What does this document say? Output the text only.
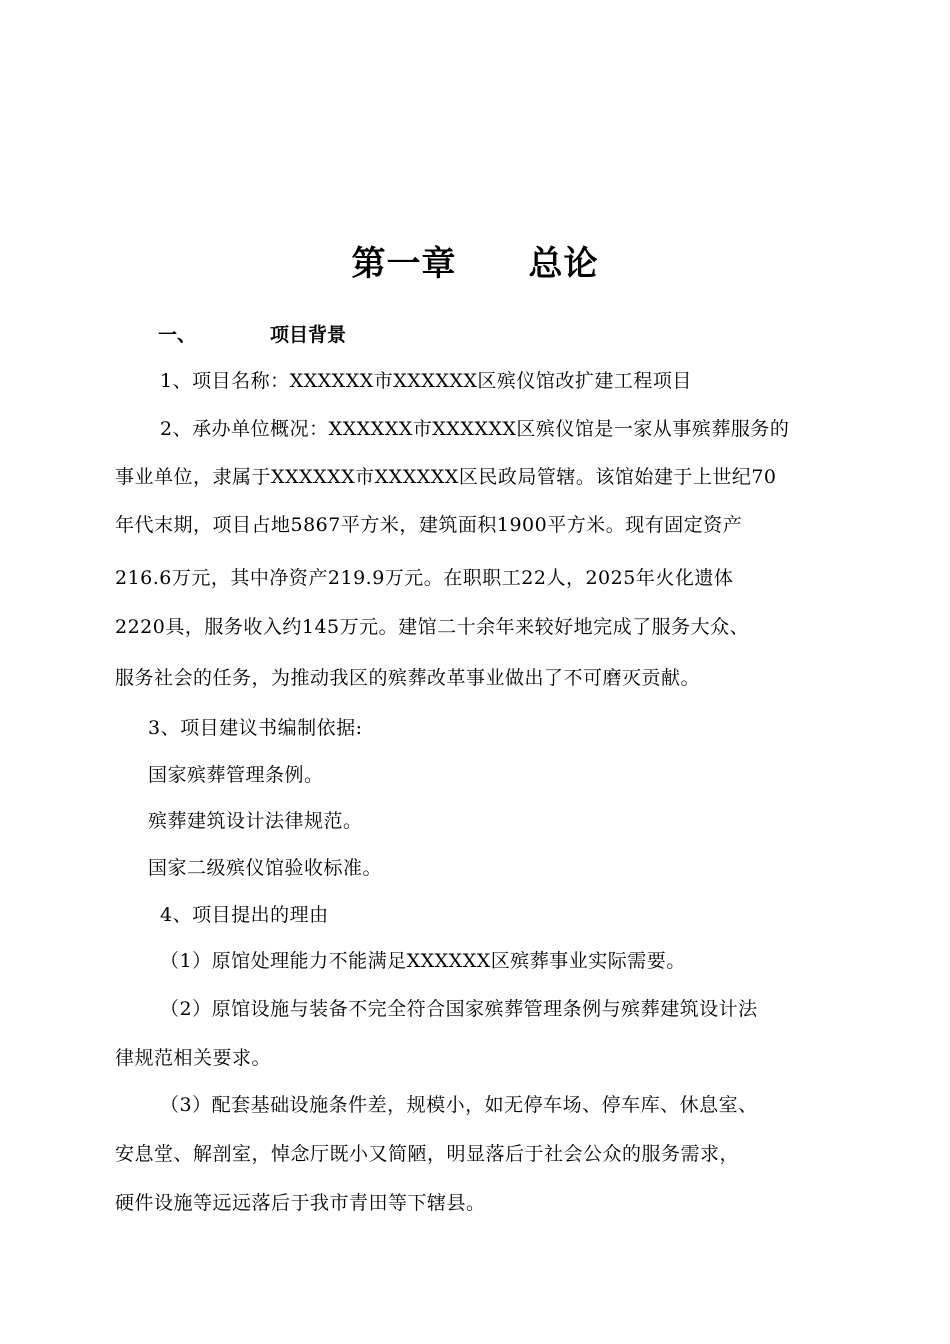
第一章 总论
一、	项目背景
1、项目名称：XXXXXX市XXXXXX区殡仪馆改扩建工程项目
2、承办单位概况：XXXXXX市XXXXXX区殡仪馆是一家从事殡葬服务的
事业单位，隶属于XXXXXX市XXXXXX区民政局管辖。该馆始建于上世纪70
年代末期，项目占地5867平方米，建筑面积1900平方米。现有固定资产
216.6万元，其中净资产219.9万元。在职职工22人，2025年火化遗体
2220具，服务收入约145万元。建馆二十余年来较好地完成了服务大众、
服务社会的任务，为推动我区的殡葬改革事业做出了不可磨灭贡献。
3、项目建议书编制依据:
国家殡葬管理条例。
殡葬建筑设计法律规范。
国家二级殡仪馆验收标准。
4、项目提出的理由
（1）原馆处理能力不能满足XXXXXX区殡葬事业实际需要。
（2）原馆设施与装备不完全符合国家殡葬管理条例与殡葬建筑设计法
律规范相关要求。
（3）配套基础设施条件差，规模小，如无停车场、停车库、休息室、
安息堂、解剖室，悼念厅既小又简陋，明显落后于社会公众的服务需求，
硬件设施等远远落后于我市青田等下辖县。
